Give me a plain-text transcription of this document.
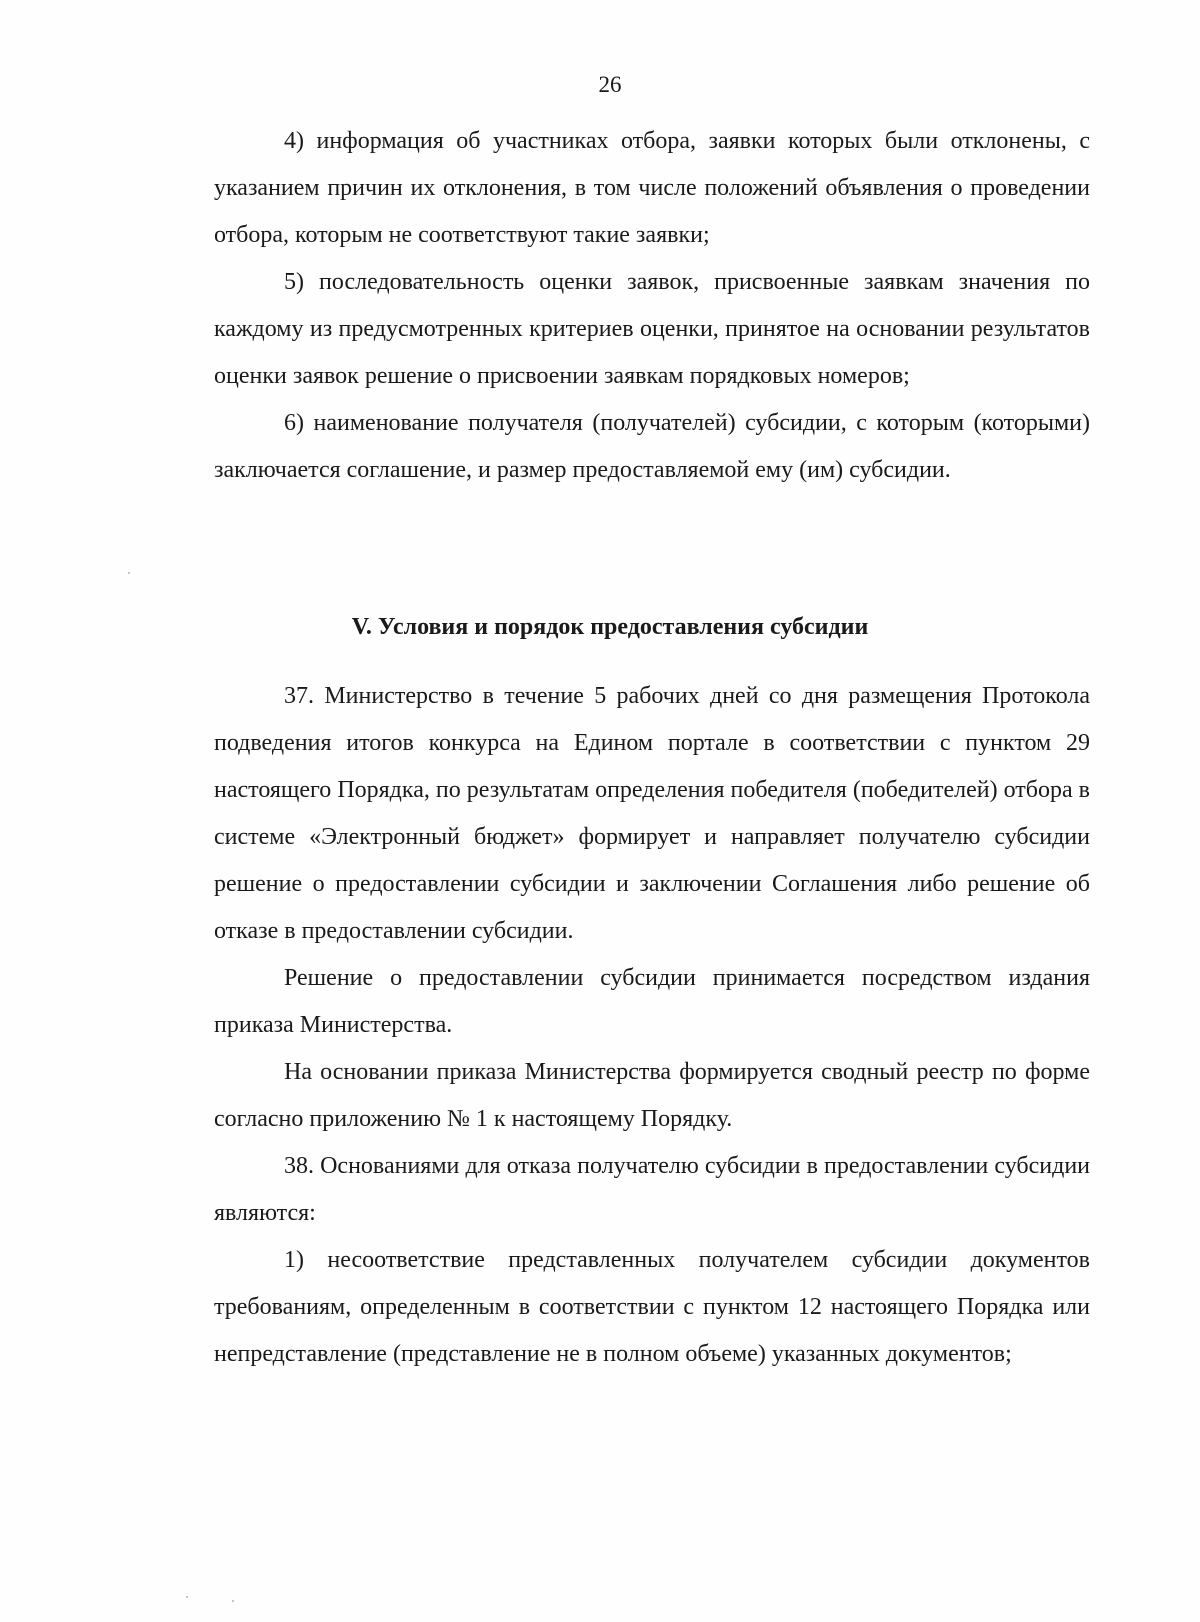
26

4) информация об участниках отбора, заявки которых были отклонены, с указанием причин их отклонения, в том числе положений объявления о проведении отбора, которым не соответствуют такие заявки;

5) последовательность оценки заявок, присвоенные заявкам значения по каждому из предусмотренных критериев оценки, принятое на основании результатов оценки заявок решение о присвоении заявкам порядковых номеров;

6) наименование получателя (получателей) субсидии, с которым (которыми) заключается соглашение, и размер предоставляемой ему (им) субсидии.

V. Условия и порядок предоставления субсидии

37. Министерство в течение 5 рабочих дней со дня размещения Протокола подведения итогов конкурса на Едином портале в соответствии с пунктом 29 настоящего Порядка, по результатам определения победителя (победителей) отбора в системе «Электронный бюджет» формирует и направляет получателю субсидии решение о предоставлении субсидии и заключении Соглашения либо решение об отказе в предоставлении субсидии.

Решение о предоставлении субсидии принимается посредством издания приказа Министерства.

На основании приказа Министерства формируется сводный реестр по форме согласно приложению № 1 к настоящему Порядку.

38. Основаниями для отказа получателю субсидии в предоставлении субсидии являются:

1) несоответствие представленных получателем субсидии документов требованиям, определенным в соответствии с пунктом 12 настоящего Порядка или непредставление (представление не в полном объеме) указанных документов;
